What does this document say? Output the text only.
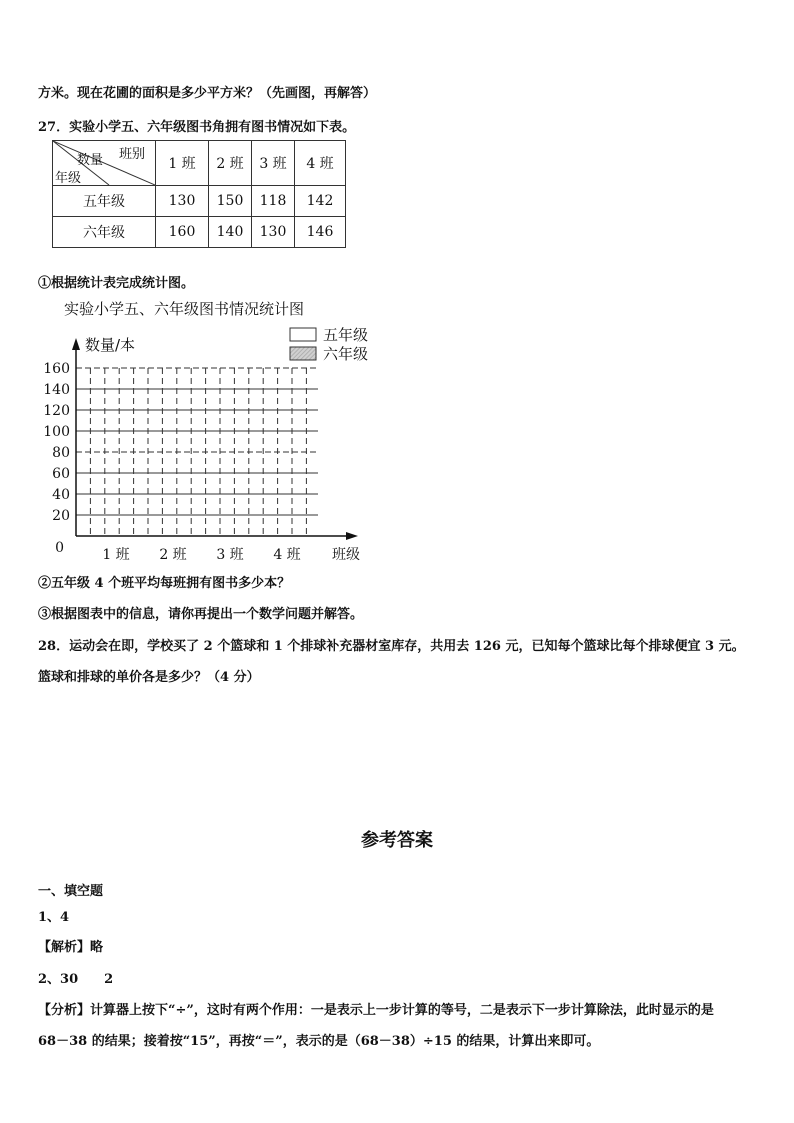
方米。现在花圃的面积是多少平方米？（先画图，再解答）
27．实验小学五、六年级图书角拥有图书情况如下表。
班别
数量
年级	1 班	2 班	3 班	4 班
五年级	130	150	118	142
六年级	160	140	130	146
①根据统计表完成统计图。
实验小学五、六年级图书情况统计图
20
40
60
80
100
120
140
160
0
数量/本
1 班 2 班 3 班 4 班 班级
五年级
六年级
②五年级 4 个班平均每班拥有图书多少本？
③根据图表中的信息，请你再提出一个数学问题并解答。
28．运动会在即，学校买了 2 个篮球和 1 个排球补充器材室库存，共用去 126 元，已知每个篮球比每个排球便宜 3 元。
篮球和排球的单价各是多少？（4 分）
参考答案
一、填空题
1、4
【解析】略
2、30　　2
【分析】计算器上按下“÷”，这时有两个作用：一是表示上一步计算的等号，二是表示下一步计算除法，此时显示的是
68－38 的结果；接着按“15”，再按“＝”，表示的是（68－38）÷15 的结果，计算出来即可。
